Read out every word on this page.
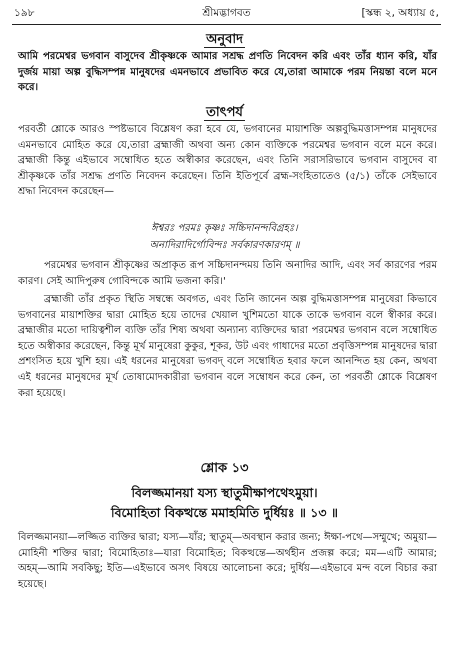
১৯৮	শ্রীমদ্ভাগবত	[স্কন্ধ ২, অধ্যায় ৫,
অনুবাদ

আমি পরমেশ্বর ভগবান বাসুদেব শ্রীকৃষ্ণকে আমার সশ্রদ্ধ প্রণতি নিবেদন করি এবং তাঁর ধ্যান করি, যাঁর দুর্জয় মায়া অল্প বুদ্ধিসম্পন্ন মানুষদের এমনভাবে প্রভাবিত করে যে,তারা আমাকে পরম নিয়ন্তা বলে মনে করে।

তাৎপর্য

পরবর্তী শ্লোকে আরও স্পষ্টভাবে বিশ্লেষণ করা হবে যে, ভগবানের মায়াশক্তি অল্পবুদ্ধিমত্তাসম্পন্ন মানুষদের এমনভাবে মোহিত করে যে,তারা ব্রহ্মাজী অথবা অন্য কোন ব্যক্তিকে পরমেশ্বর ভগবান বলে মনে করে। ব্রহ্মাজী কিন্তু এইভাবে সম্বোধিত হতে অস্বীকার করেছেন, এবং তিনি সরাসরিভাবে ভগবান বাসুদেব বা শ্রীকৃষ্ণকে তাঁর সশ্রদ্ধ প্রণতি নিবেদন করেছেন। তিনি ইতিপূর্বে ব্রহ্ম-সংহিতাতেও (৫/১) তাঁকে সেইভাবে শ্রদ্ধা নিবেদন করেছেন—

ঈশ্বরঃ পরমঃ কৃষ্ণঃ সচ্চিদানন্দবিগ্রহঃ।
অনাদিরাদির্গোবিন্দঃ সর্বকারণকারণম্ ॥

পরমেশ্বর ভগবান শ্রীকৃষ্ণের অপ্রাকৃত রূপ সচ্চিদানন্দময় তিনি অনাদির আদি, এবং সর্ব কারণের পরম কারণ। সেই আদিপুরুষ গোবিন্দকে আমি ভজনা করি।'

ব্রহ্মাজী তাঁর প্রকৃত স্থিতি সম্বন্ধে অবগত, এবং তিনি জানেন অল্প বুদ্ধিমত্তাসম্পন্ন মানুষেরা কিভাবে ভগবানের মায়াশক্তির দ্বারা মোহিত হয়ে তাদের খেয়াল খুশিমতো যাকে তাকে ভগবান বলে স্বীকার করে। ব্রহ্মাজীর মতো দায়িত্বশীল ব্যক্তি তাঁর শিষ্য অথবা অন্যান্য ব্যক্তিদের দ্বারা পরমেশ্বর ভগবান বলে সম্বোধিত হতে অস্বীকার করেছেন, কিন্তু মূর্খ মানুষেরা কুকুর, শূকর, উট এবং গাধাদের মতো প্রবৃত্তিসম্পন্ন মানুষদের দ্বারা প্রশংসিত হয়ে খুশি হয়। এই ধরনের মানুষেরা ভগবদ্ বলে সম্বোধিত হবার ফলে আনন্দিত হয় কেন, অথবা এই ধরনের মানুষদের মূর্খ তোষামোদকারীরা ভগবান বলে সম্বোধন করে কেন, তা পরবর্তী শ্লোকে বিশ্লেষণ করা হয়েছে।

শ্লোক ১৩
বিলজ্জমানয়া যস্য স্থাতুমীক্ষাপথেঽমুয়া।
বিমোহিতা বিকত্থন্তে মমাহমিতি দুর্ধিয়ঃ ॥ ১৩ ॥

বিলজ্জমানয়া—লজ্জিত ব্যক্তির দ্বারা; যস্য—যাঁর; স্থাতুম্—অবস্থান করার জন্য; ঈক্ষা-পথে—সম্মুখে; অমুয়া—মোহিনী শক্তির দ্বারা; বিমোহিতাঃ—যারা বিমোহিত; বিকত্থন্তে—অর্থহীন প্রজল্প করে; মম—এটি আমার; অহম্—আমি সবকিছু; ইতি—এইভাবে অসৎ বিষয়ে আলোচনা করে; দুর্ধিয়—এইভাবে মন্দ বলে বিচার করা হয়েছে।
